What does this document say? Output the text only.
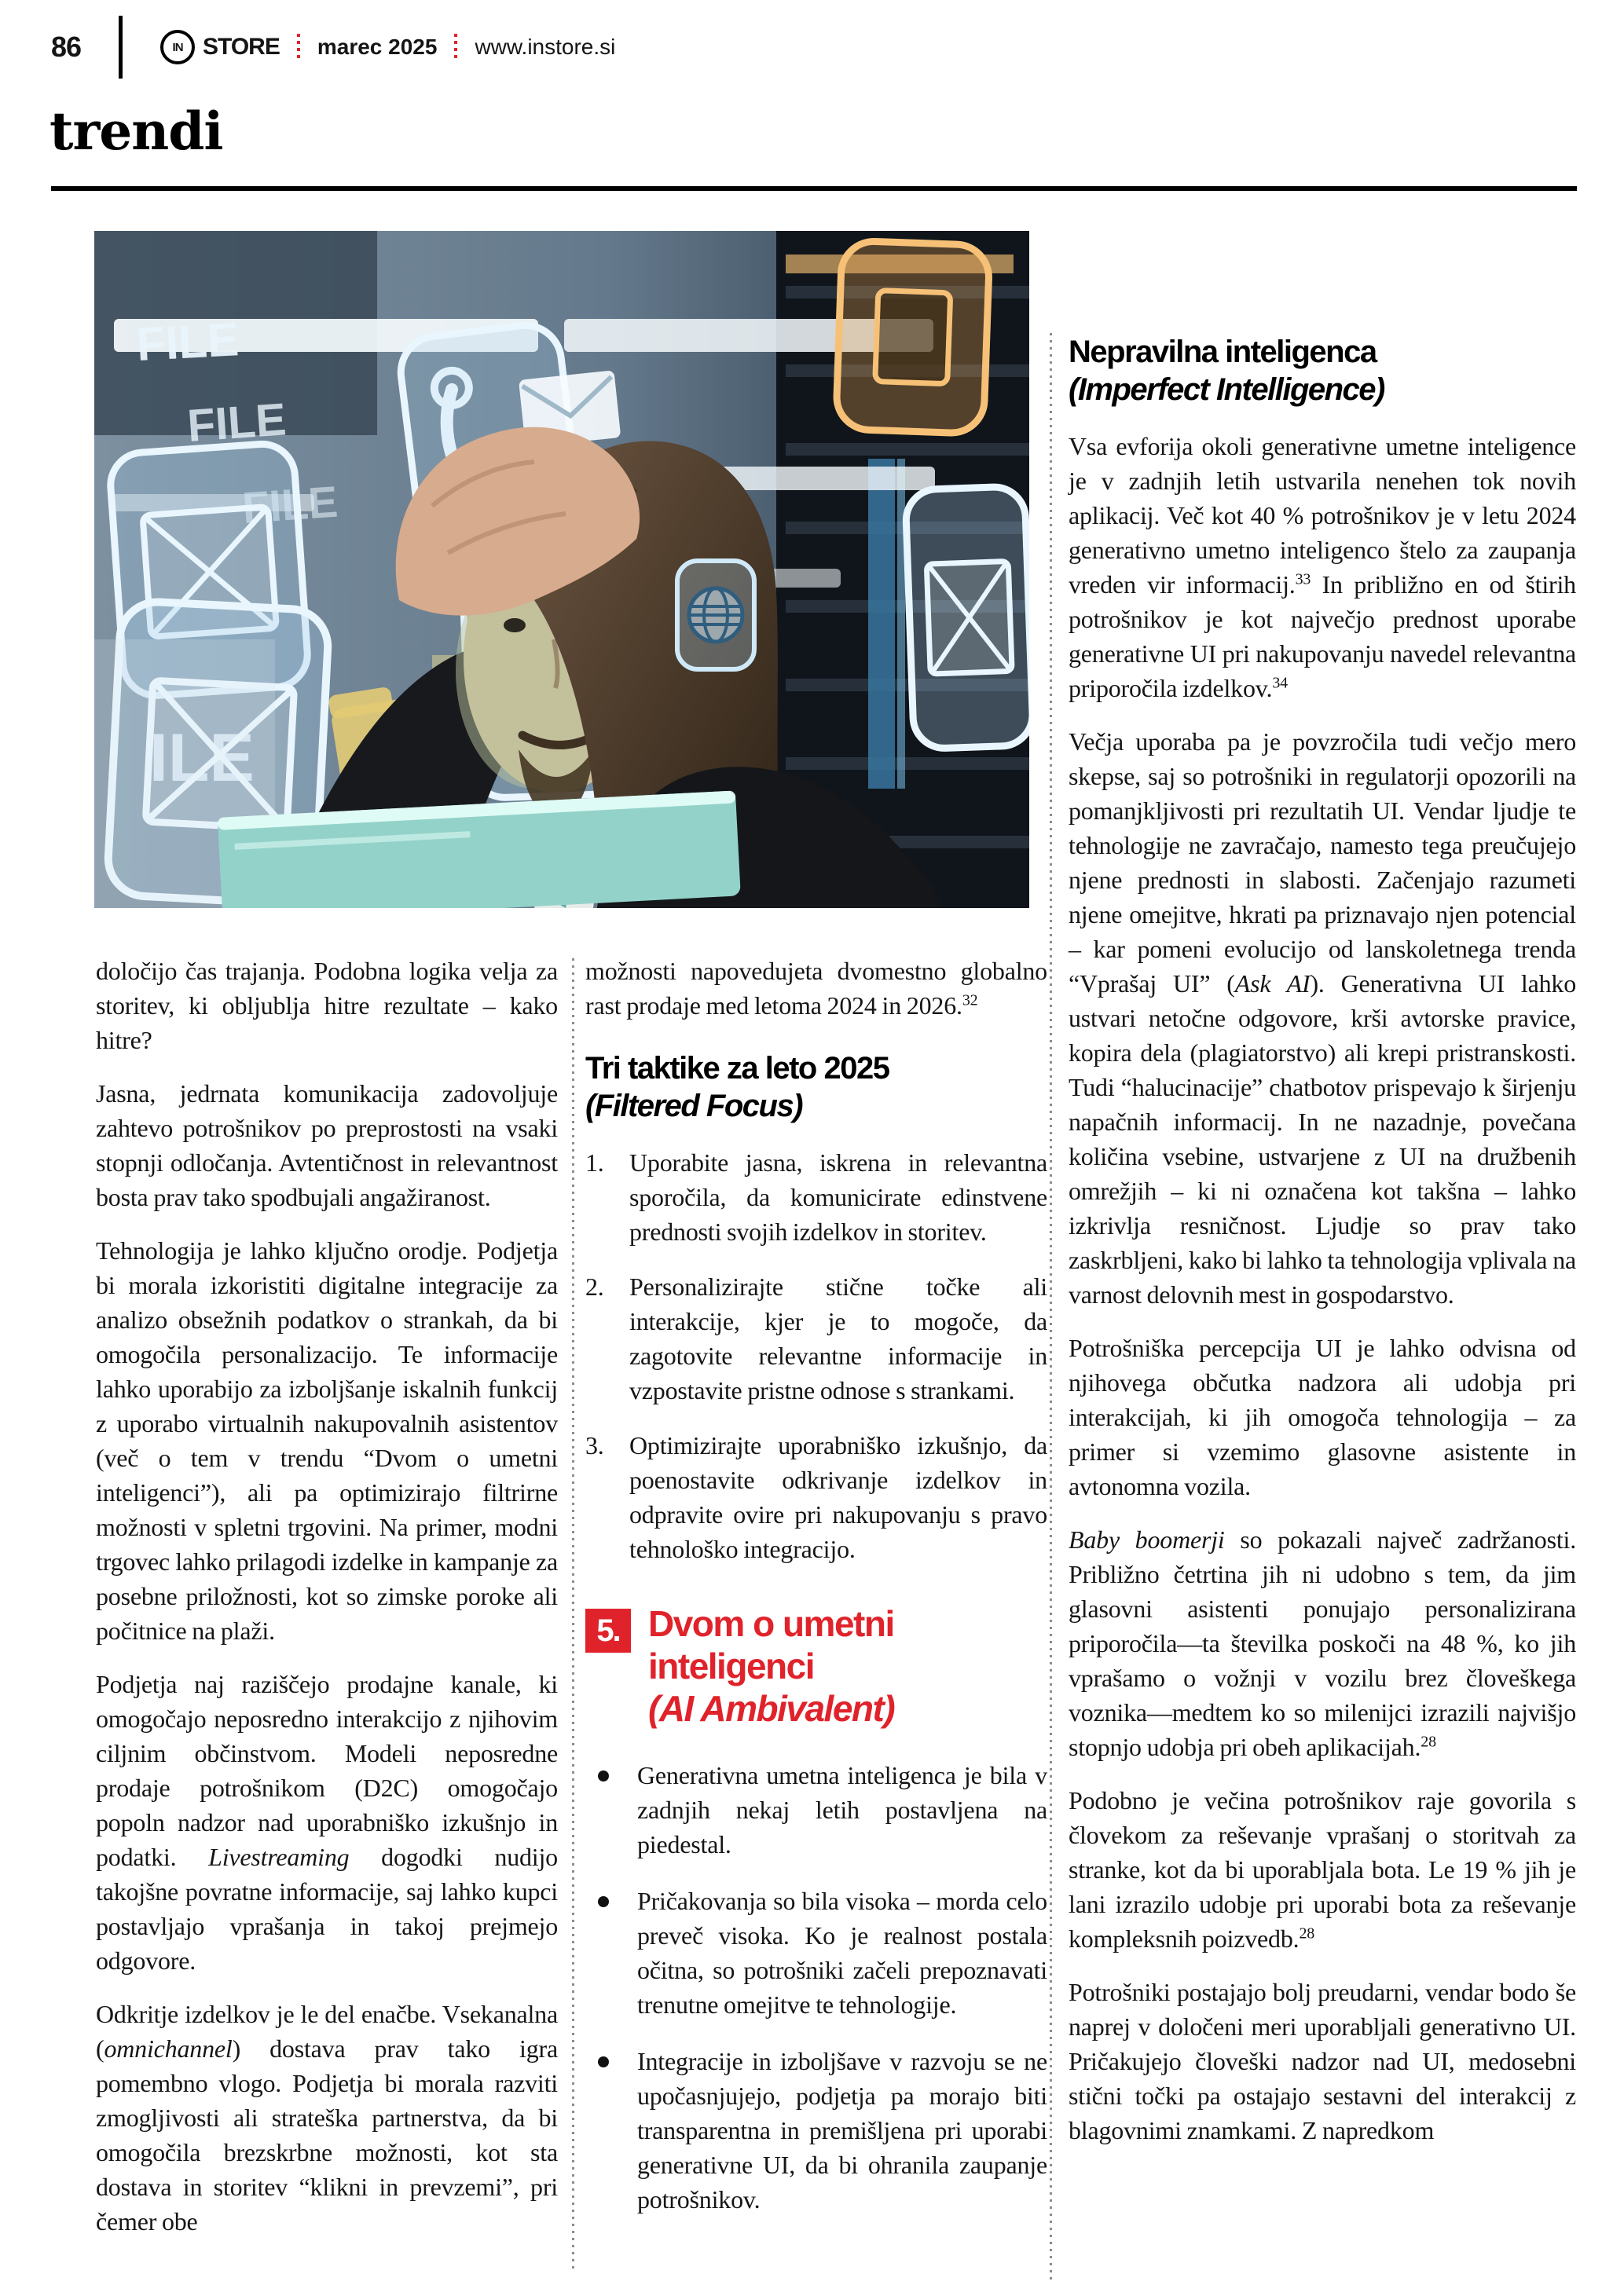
86	IN STORE marec 2025 www.instore.si
trendi
FILE
FILE
FILE
ILE

določijo čas trajanja. Podobna logika velja za storitev, ki obljublja hitre rezultate – kako hitre?

Jasna, jedrnata komunikacija zadovoljuje zahtevo potrošnikov po preprostosti na vsaki stopnji odločanja. Avtentičnost in relevantnost bosta prav tako spodbujali angažiranost.

Tehnologija je lahko ključno orodje. Podjetja bi morala izkoristiti digitalne integracije za analizo obsežnih podatkov o strankah, da bi omogočila personalizacijo. Te informacije lahko uporabijo za izboljšanje iskalnih funkcij z uporabo virtualnih nakupovalnih asistentov (več o tem v trendu “Dvom o umetni inteligenci”), ali pa optimizirajo filtrirne možnosti v spletni trgovini. Na primer, modni trgovec lahko prilagodi izdelke in kampanje za posebne priložnosti, kot so zimske poroke ali počitnice na plaži.

Podjetja naj raziščejo prodajne kanale, ki omogočajo neposredno interakcijo z njihovim ciljnim občinstvom. Modeli neposredne prodaje potrošnikom (D2C) omogočajo popoln nadzor nad uporabniško izkušnjo in podatki. Livestreaming dogodki nudijo takojšne povratne informacije, saj lahko kupci postavljajo vprašanja in takoj prejmejo odgovore.

Odkritje izdelkov je le del enačbe. Vsekanalna (omnichannel) dostava prav tako igra pomembno vlogo. Podjetja bi morala razviti zmogljivosti ali strateška partnerstva, da bi omogočila brezskrbne možnosti, kot sta dostava in storitev “klikni in prevzemi”, pri čemer obe

možnosti napovedujeta dvomestno globalno rast prodaje med letoma 2024 in 2026.32

Tri taktike za leto 2025
(Filtered Focus)
1.	Uporabite jasna, iskrena in relevantna sporočila, da komunicirate edinstvene prednosti svojih izdelkov in storitev.
2.	Personalizirajte stične točke ali interakcije, kjer je to mogoče, da zagotovite relevantne informacije in vzpostavite pristne odnose s strankami.
3.	Optimizirajte uporabniško izkušnjo, da poenostavite odkrivanje izdelkov in odpravite ovire pri nakupovanju s pravo tehnološko integracijo.
5. Dvom o umetni inteligenci
(AI Ambivalent)
Generativna umetna inteligenca je bila v zadnjih nekaj letih postavljena na piedestal.
Pričakovanja so bila visoka – morda celo preveč visoka. Ko je realnost postala očitna, so potrošniki začeli prepoznavati trenutne omejitve te tehnologije.
Integracije in izboljšave v razvoju se ne upočasnjujejo, podjetja pa morajo biti transparentna in premišljena pri uporabi generativne UI, da bi ohranila zaupanje potrošnikov.
Nepravilna inteligenca
(Imperfect Intelligence)

Vsa evforija okoli generativne umetne inteligence je v zadnjih letih ustvarila nenehen tok novih aplikacij. Več kot 40 % potrošnikov je v letu 2024 generativno umetno inteligenco štelo za zaupanja vreden vir informacij.$^{33}$ In približno en od štirih potrošnikov je kot največjo prednost uporabe generativne UI pri nakupovanju navedel relevantna priporočila izdelkov.$^{34}$

Večja uporaba pa je povzročila tudi večjo mero skepse, saj so potrošniki in regulatorji opozorili na pomanjkljivosti pri rezultatih UI. Vendar ljudje te tehnologije ne zavračajo, namesto tega preučujejo njene prednosti in slabosti. Začenjajo razumeti njene omejitve, hkrati pa priznavajo njen potencial – kar pomeni evolucijo od lanskoletnega trenda “Vprašaj UI” (Ask AI). Generativna UI lahko ustvari netočne odgovore, krši avtorske pravice, kopira dela (plagiatorstvo) ali krepi pristranskosti. Tudi “halucinacije” chatbotov prispevajo k širjenju napačnih informacij. In ne nazadnje, povečana količina vsebine, ustvarjene z UI na družbenih omrežjih – ki ni označena kot takšna – lahko izkrivlja resničnost. Ljudje so prav tako zaskrbljeni, kako bi lahko ta tehnologija vplivala na varnost delovnih mest in gospodarstvo.

Potrošniška percepcija UI je lahko odvisna od njihovega občutka nadzora ali udobja pri interakcijah, ki jih omogoča tehnologija – za primer si vzemimo glasovne asistente in avtonomna vozila.

Baby boomerji so pokazali največ zadržanosti. Približno četrtina jih ni udobno s tem, da jim glasovni asistenti ponujajo personalizirana priporočila—ta številka poskoči na 48 %, ko jih vprašamo o vožnji v vozilu brez človeškega voznika—medtem ko so milenijci izrazili najvišjo stopnjo udobja pri obeh aplikacijah.$^{28}$

Podobno je večina potrošnikov raje govorila s človekom za reševanje vprašanj o storitvah za stranke, kot da bi uporabljala bota. Le 19 % jih je lani izrazilo udobje pri uporabi bota za reševanje kompleksnih poizvedb.$^{28}$

Potrošniki postajajo bolj preudarni, vendar bodo še naprej v določeni meri uporabljali generativno UI. Pričakujejo človeški nadzor nad UI, medosebni stični točki pa ostajajo sestavni del interakcij z blagovnimi znamkami. Z napredkom
